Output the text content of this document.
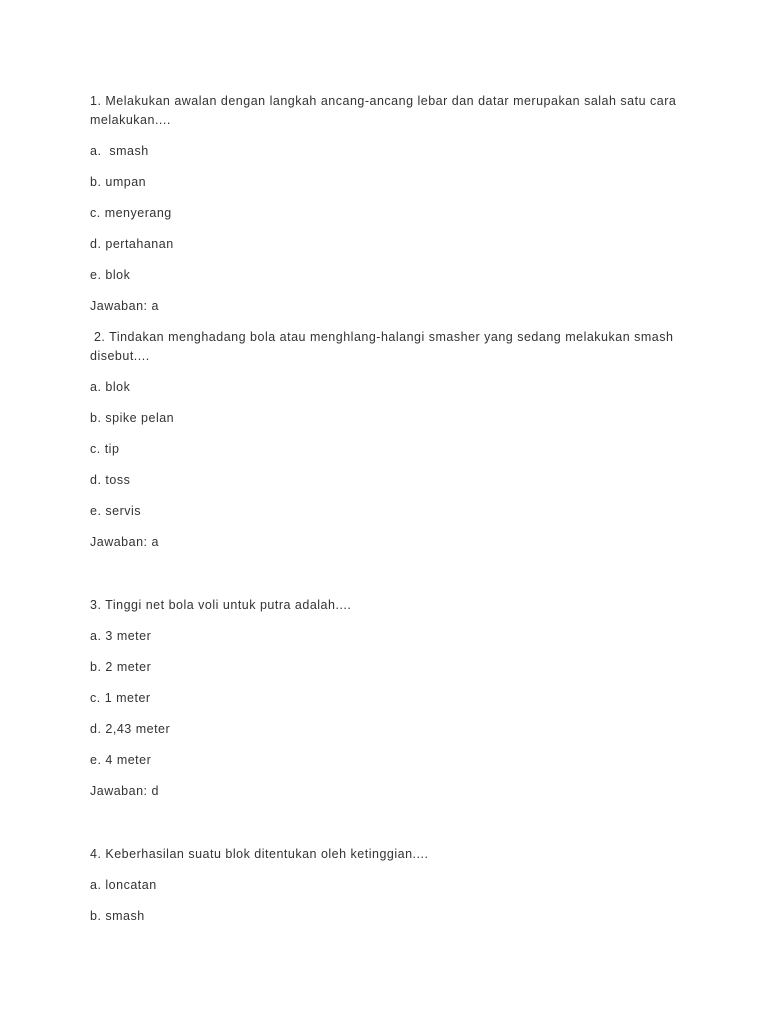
1. Melakukan awalan dengan langkah ancang-ancang lebar dan datar merupakan salah satu cara melakukan....
a.  smash
b. umpan
c. menyerang
d. pertahanan
e. blok
Jawaban: a
2. Tindakan menghadang bola atau menghlang-halangi smasher yang sedang melakukan smash disebut....
a. blok
b. spike pelan
c. tip
d. toss
e. servis
Jawaban: a
3. Tinggi net bola voli untuk putra adalah....
a. 3 meter
b. 2 meter
c. 1 meter
d. 2,43 meter
e. 4 meter
Jawaban: d
4. Keberhasilan suatu blok ditentukan oleh ketinggian....
a. loncatan
b. smash
